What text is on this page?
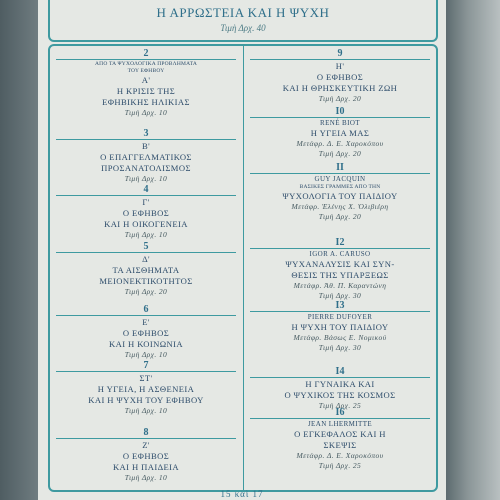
Η ΑΡΡΩΣΤΕΙΑ ΚΑΙ Η ΨΥΧΗ
Τιμὴ Δρχ. 40
2
ΑΠΟ ΤΑ ΨΥΧΟΛΟΓΙΚΑ ΠΡΟΒΛΗΜΑΤΑ
ΤΟΥ ΕΦΗΒΟΥ
Α'
Η ΚΡΙΣΙΣ ΤΗΣ
ΕΦΗΒΙΚΗΣ ΗΛΙΚΙΑΣ
Τιμὴ Δρχ. 10
3
Β'
Ο ΕΠΑΓΓΕΛΜΑΤΙΚΟΣ
ΠΡΟΣΑΝΑΤΟΛΙΣΜΟΣ
Τιμὴ Δρχ. 10
4
Γ'
Ο ΕΦΗΒΟΣ
ΚΑΙ Η ΟΙΚΟΓΕΝΕΙΑ
Τιμὴ Δρχ. 10
5
Δ'
ΤΑ ΑΙΣΘΗΜΑΤΑ
ΜΕΙΟΝΕΚΤΙΚΟΤΗΤΟΣ
Τιμὴ Δρχ. 20
6
Ε'
Ο ΕΦΗΒΟΣ
ΚΑΙ Η ΚΟΙΝΩΝΙΑ
Τιμὴ Δρχ. 10
7
ΣΤ'
Η ΥΓΕΙΑ, Η ΑΣΘΕΝΕΙΑ
ΚΑΙ Η ΨΥΧΗ ΤΟΥ ΕΦΗΒΟΥ
Τιμὴ Δρχ. 10
8
Ζ'
Ο ΕΦΗΒΟΣ
ΚΑΙ Η ΠΑΙΔΕΙΑ
Τιμὴ Δρχ. 10
9
Η'
Ο ΕΦΗΒΟΣ
ΚΑΙ Η ΘΡΗΣΚΕΥΤΙΚΗ ΖΩΗ
Τιμὴ Δρχ. 20
Ι0
RENÉ BIOT
Η ΥΓΕΙΑ ΜΑΣ
Μετάφρ. Δ. Ε. Χαροκόπου
Τιμὴ Δρχ. 20
ΙΙ
GUY JACQUIN
ΒΑΣΙΚΕΣ ΓΡΑΜΜΕΣ ΑΠΟ ΤΗΝ
ΨΥΧΟΛΟΓΙΑ ΤΟΥ ΠΑΙΔΙΟΥ
Μετάφρ. Ἑλένης Χ. Ὀλιβιέρη
Τιμὴ Δρχ. 20
Ι2
IGOR A. CARUSO
ΨΥΧΑΝΑΛΥΣΙΣ ΚΑΙ ΣΥΝ-
ΘΕΣΙΣ ΤΗΣ ΥΠΑΡΞΕΩΣ
Μετάφρ. Ἀθ. Π. Καραντώνη
Τιμὴ Δρχ. 30
Ι3
PIERRE DUFOYER
Η ΨΥΧΗ ΤΟΥ ΠΑΙΔΙΟΥ
Μετάφρ. Βάσως Ε. Νομικού
Τιμὴ Δρχ. 30
Ι4
Η ΓΥΝΑΙΚΑ ΚΑΙ
Ο ΨΥΧΙΚΟΣ ΤΗΣ ΚΟΣΜΟΣ
Τιμὴ Δρχ. 25
Ι6
JEAN LHERMITTE
Ο ΕΓΚΕΦΑΛΟΣ ΚΑΙ Η
ΣΚΕΨΙΣ
Μετάφρ. Δ. Ε. Χαροκόπου
Τιμὴ Δρχ. 25
15 καὶ 17
